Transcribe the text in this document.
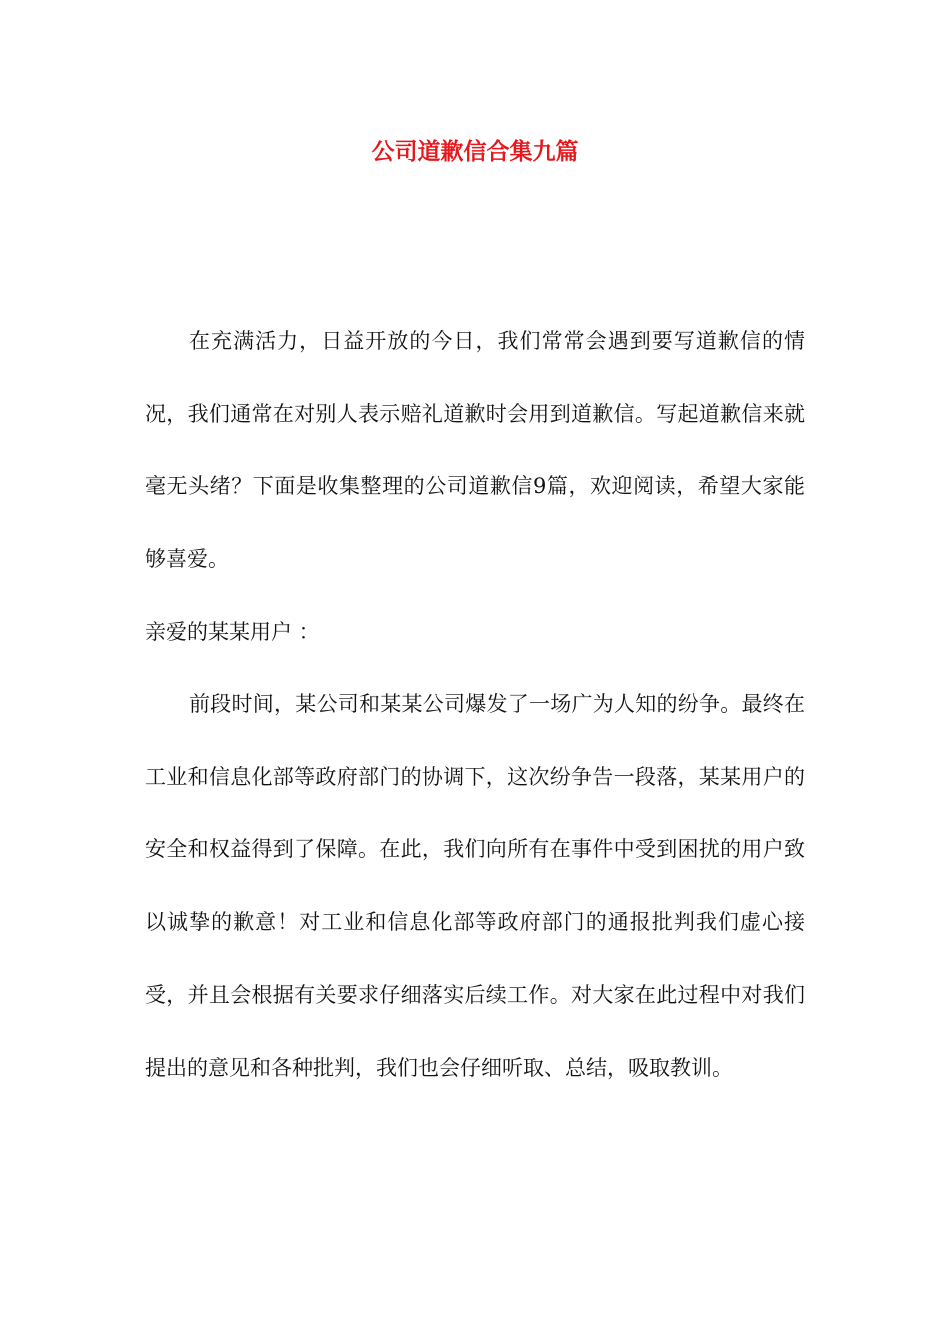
公司道歉信合集九篇

在充满活力，日益开放的今日，我们常常会遇到要写道歉信的情况，我们通常在对别人表示赔礼道歉时会用到道歉信。写起道歉信来就毫无头绪？下面是收集整理的公司道歉信9篇，欢迎阅读，希望大家能够喜爱。

亲爱的某某用户 ：

前段时间，某公司和某某公司爆发了一场广为人知的纷争。最终在工业和信息化部等政府部门的协调下，这次纷争告一段落，某某用户的安全和权益得到了保障。在此，我们向所有在事件中受到困扰的用户致以诚挚的歉意！对工业和信息化部等政府部门的通报批判我们虚心接受，并且会根据有关要求仔细落实后续工作。对大家在此过程中对我们提出的意见和各种批判，我们也会仔细听取、总结，吸取教训。
